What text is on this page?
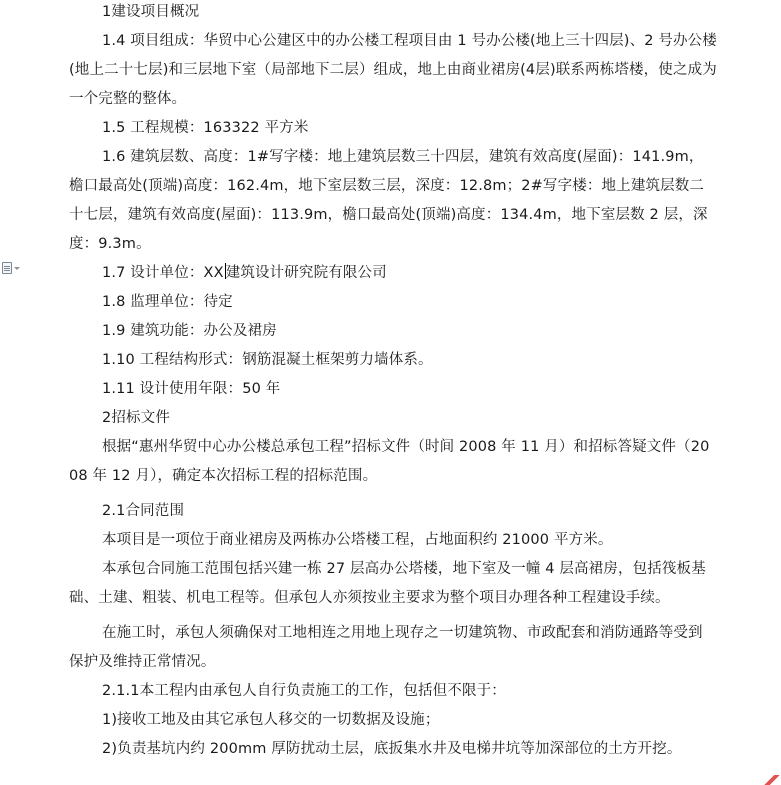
1建设项目概况

1.4 项目组成：华贸中心公建区中的办公楼工程项目由 1 号办公楼(地上三十四层)、2 号办公楼(地上二十七层)和三层地下室（局部地下二层）组成，地上由商业裙房(4层)联系两栋塔楼，使之成为一个完整的整体。

1.5 工程规模：163322 平方米

1.6 建筑层数、高度：1#写字楼：地上建筑层数三十四层，建筑有效高度(屋面)：141.9m，檐口最高处(顶端)高度：162.4m，地下室层数三层，深度：12.8m；2#写字楼：地上建筑层数二十七层，建筑有效高度(屋面)：113.9m，檐口最高处(顶端)高度：134.4m，地下室层数 2 层，深度：9.3m。

1.7 设计单位：XX 建筑设计研究院有限公司

1.8 监理单位：待定

1.9 建筑功能：办公及裙房

1.10 工程结构形式：钢筋混凝土框架剪力墙体系。

1.11 设计使用年限：50 年

2招标文件

根据“惠州华贸中心办公楼总承包工程”招标文件（时间 2008 年 11 月）和招标答疑文件（2008 年 12 月），确定本次招标工程的招标范围。

2.1合同范围

本项目是一项位于商业裙房及两栋办公塔楼工程，占地面积约 21000 平方米。

本承包合同施工范围包括兴建一栋 27 层高办公塔楼，地下室及一幢 4 层高裙房，包括筏板基础、土建、粗装、机电工程等。但承包人亦须按业主要求为整个项目办理各种工程建设手续。

在施工时，承包人须确保对工地相连之用地上现存之一切建筑物、市政配套和消防通路等受到保护及维持正常情况。

2.1.1本工程内由承包人自行负责施工的工作，包括但不限于：

1)接收工地及由其它承包人移交的一切数据及设施；

2)负责基坑内约 200mm 厚防扰动土层，底扳集水井及电梯井坑等加深部位的土方开挖。
